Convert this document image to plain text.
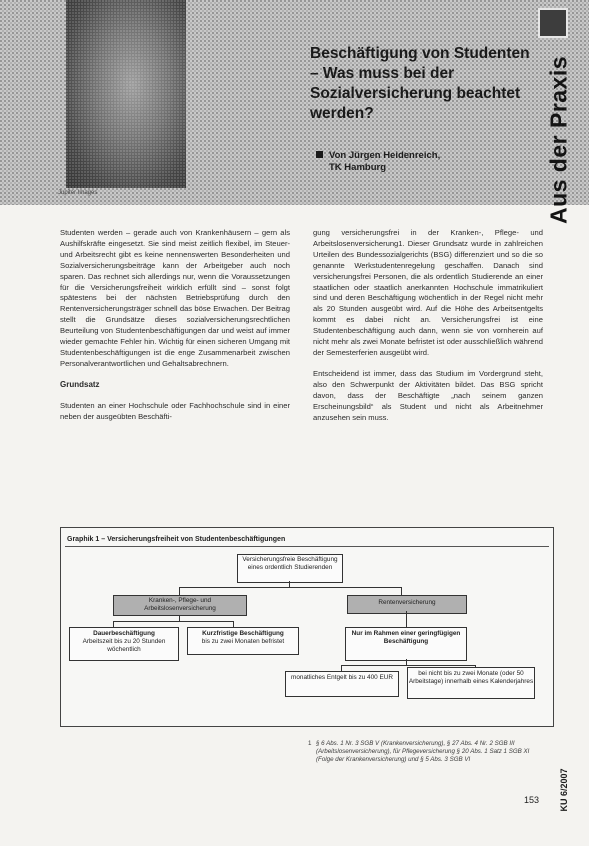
Jupiter Images	Aus der Praxis
Beschäftigung von Studenten
– Was muss bei der
Sozialversicherung beachtet
werden?
Von Jürgen Heidenreich,
TK Hamburg

Studenten werden – gerade auch von Krankenhäusern – gern als Aushilfskräfte eingesetzt. Sie sind meist zeitlich flexibel, im Steuer- und Arbeitsrecht gibt es keine nennenswerten Besonderheiten und Sozialversicherungsbeiträge kann der Arbeitgeber auch noch sparen. Das rechnet sich allerdings nur, wenn die Voraussetzungen für die Versicherungsfreiheit wirklich erfüllt sind – sonst folgt spätestens bei der nächsten Betriebsprüfung durch den Rentenversicherungsträger schnell das böse Erwachen. Der Beitrag stellt die Grundsätze dieses sozialversicherungsrechtlichen Beurteilung von Studentenbeschäftigungen dar und weist auf immer wieder gemachte Fehler hin. Wichtig für einen sicheren Umgang mit Studentenbeschäftigungen ist die enge Zusammenarbeit zwischen Personalverantwortlichen und Gehaltsabrechnern.

Grundsatz

Studenten an einer Hochschule oder Fachhochschule sind in einer neben der ausgeübten Beschäfti-

gung versicherungsfrei in der Kranken-, Pflege- und Arbeitslosenversicherung1. Dieser Grundsatz wurde in zahlreichen Urteilen des Bundessozialgerichts (BSG) differenziert und so die so genannte Werkstudentenregelung geschaffen. Danach sind versicherungsfrei Personen, die als ordentlich Studierende an einer staatlichen oder staatlich anerkannten Hochschule immatrikuliert sind und deren Beschäftigung wöchentlich in der Regel nicht mehr als 20 Stunden ausgeübt wird. Auf die Höhe des Arbeitsentgelts kommt es dabei nicht an. Versicherungsfrei ist eine Studentenbeschäftigung auch dann, wenn sie von vornherein auf nicht mehr als zwei Monate befristet ist oder ausschließlich während der Semesterferien ausgeübt wird.

Entscheidend ist immer, dass das Studium im Vordergrund steht, also den Schwerpunkt der Aktivitäten bildet. Das BSG spricht davon, dass der Beschäftigte „nach seinem ganzen Erscheinungsbild“ als Student und nicht als Arbeitnehmer anzusehen sein muss.

Graphik 1 – Versicherungsfreiheit von Studentenbeschäftigungen
Versicherungsfreie Beschäftigung eines ordentlich Studierenden
Kranken-, Pflege- und Arbeitslosenversicherung
Rentenversicherung
Dauerbeschäftigung
Arbeitszeit bis zu 20 Stunden wöchentlich
Kurzfristige Beschäftigung
bis zu zwei Monaten befristet
Nur im Rahmen einer geringfügigen Beschäftigung
monatliches Entgelt bis zu 400 EUR
bei nicht bis zu zwei Monate (oder 50 Arbeitstage) innerhalb eines Kalenderjahres
1 § 6 Abs. 1 Nr. 3 SGB V (Krankenversicherung), § 27 Abs. 4 Nr. 2 SGB III (Arbeitslosenversicherung), für Pflegeversicherung § 20 Abs. 1 Satz 1 SGB XI (Folge der Krankenversicherung) und § 5 Abs. 3 SGB VI
KU 6/2007
153
